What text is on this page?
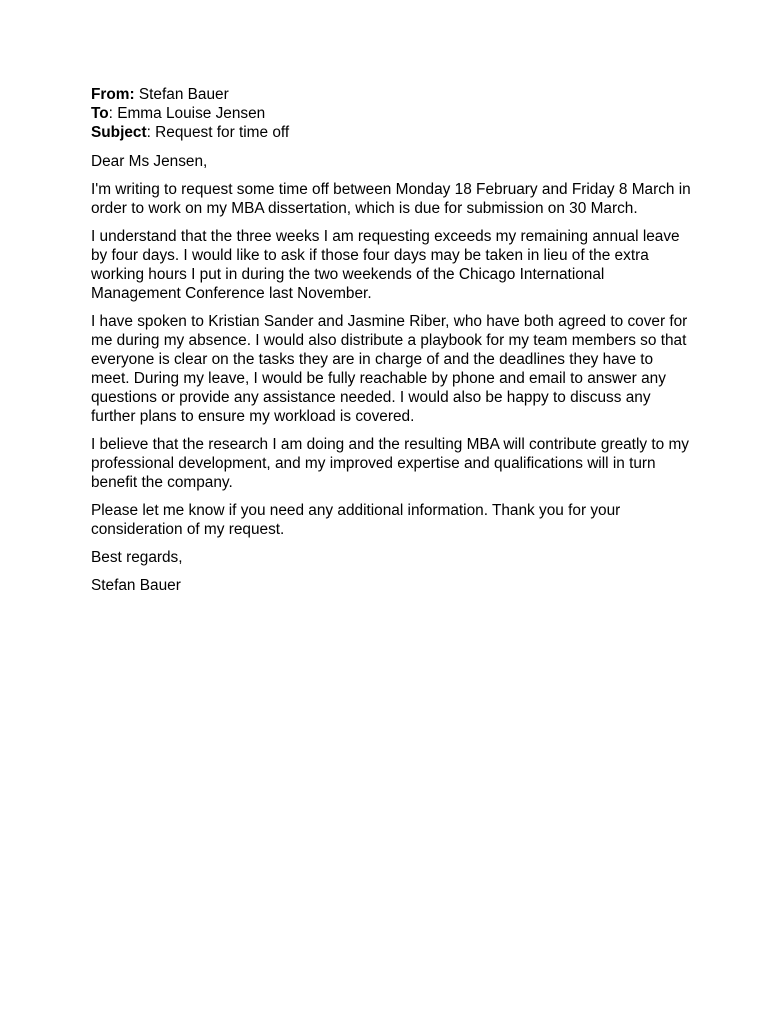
From: Stefan Bauer

To: Emma Louise Jensen

Subject: Request for time off

Dear Ms Jensen,

I'm writing to request some time off between Monday 18 February and Friday 8 March in order to work on my MBA dissertation, which is due for submission on 30 March.

I understand that the three weeks I am requesting exceeds my remaining annual leave by four days. I would like to ask if those four days may be taken in lieu of the extra working hours I put in during the two weekends of the Chicago International Management Conference last November.

I have spoken to Kristian Sander and Jasmine Riber, who have both agreed to cover for me during my absence. I would also distribute a playbook for my team members so that everyone is clear on the tasks they are in charge of and the deadlines they have to meet. During my leave, I would be fully reachable by phone and email to answer any questions or provide any assistance needed. I would also be happy to discuss any further plans to ensure my workload is covered.

I believe that the research I am doing and the resulting MBA will contribute greatly to my professional development, and my improved expertise and qualifications will in turn benefit the company.

Please let me know if you need any additional information. Thank you for your consideration of my request.

Best regards,

Stefan Bauer
